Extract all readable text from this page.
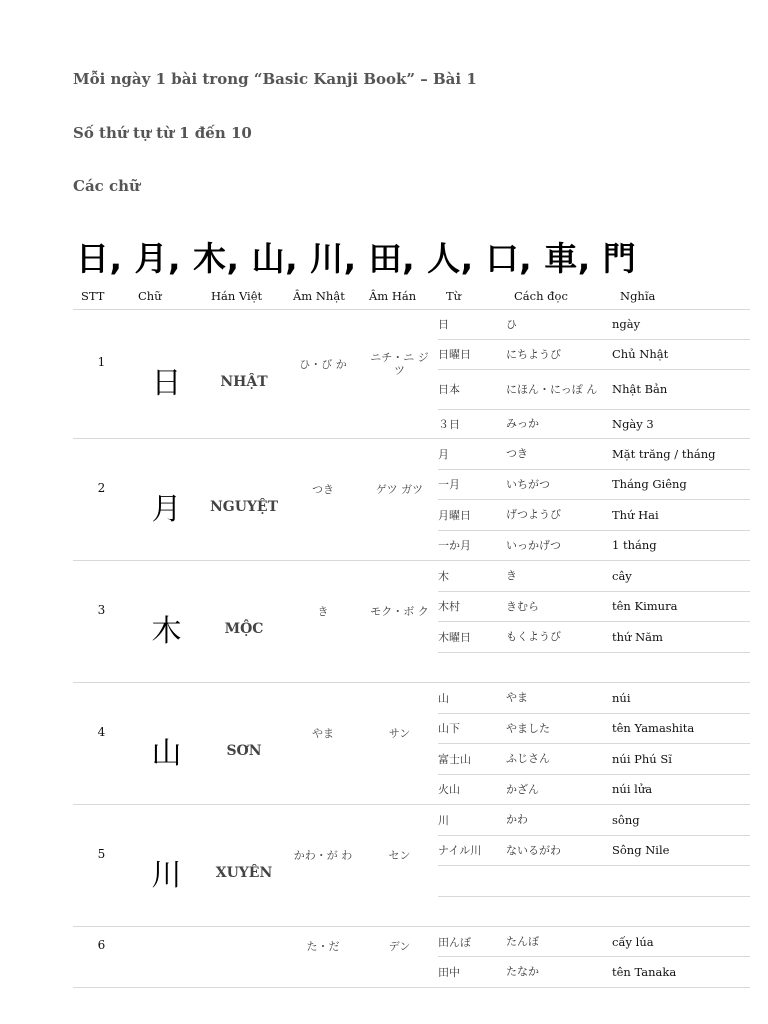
Mỗi ngày 1 bài trong “Basic Kanji Book” – Bài 1
Số thứ tự từ 1 đến 10
Các chữ
日, 月, 木, 山, 川, 田, 人, 口, 車, 門
STT	Chữ	Hán Việt	Âm Nhật	Âm Hán	Từ	Cách đọc	Nghĩa
1	日	NHẬT	ひ・び か	ニチ・ニ ジツ	日	ひ	ngày
					日曜日	にちようび	Chủ Nhật
					日本	にほん・にっぽ ん	Nhật Bản
					３日	みっか	Ngày 3
2	月	NGUYỆT	つき	ゲツ ガツ	月	つき	Mặt trăng / tháng
					一月	いちがつ	Tháng Giêng
					月曜日	げつようび	Thứ Hai
					一か月	いっかげつ	1 tháng
3	木	MỘC	き	モク・ボ ク	木	き	cây
					木村	きむら	tên Kimura
					木曜日	もくようび	thứ Năm

4	山	SƠN	やま	サン	山	やま	núi
					山下	やました	tên Yamashita
					富士山	ふじさん	núi Phú Sĩ
					火山	かざん	núi lửa
5	川	XUYÊN	かわ・が わ	セン	川	かわ	sông
					ナイル川	ないるがわ	Sông Nile

6			た・だ	デン	田んぼ	たんぼ	cấy lúa
					田中	たなか	tên Tanaka
